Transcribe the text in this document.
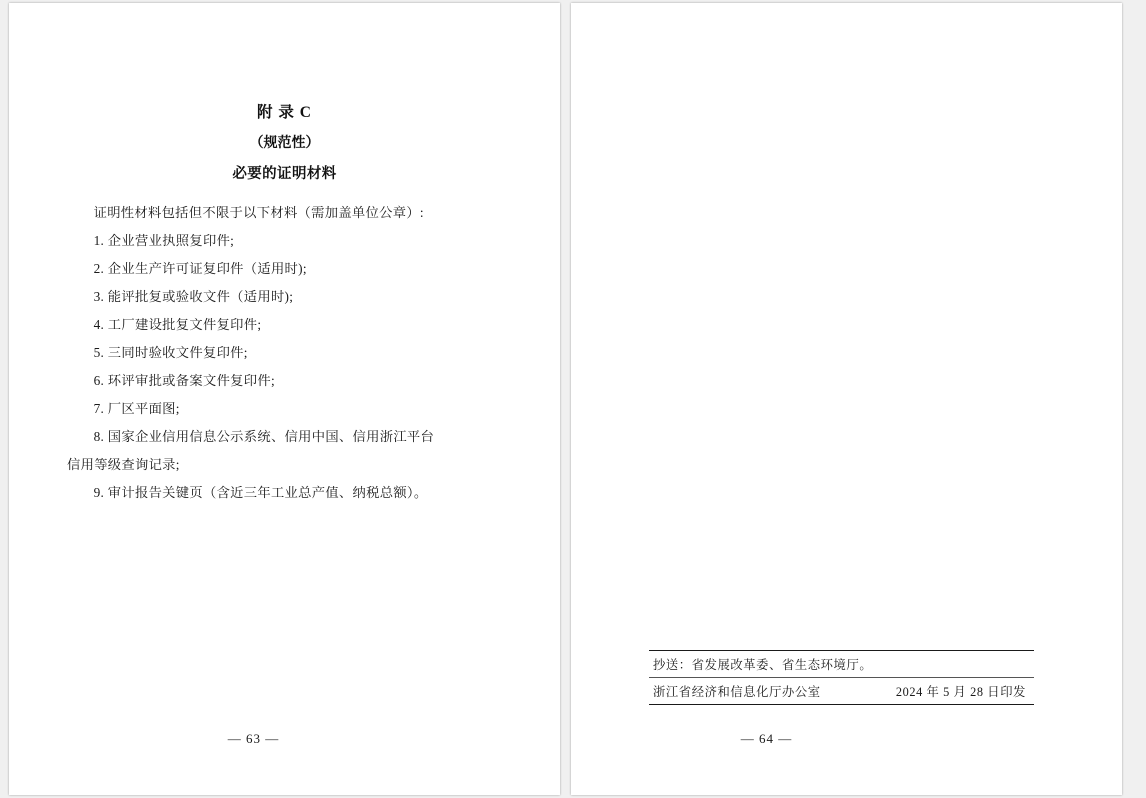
附 录 C
（规范性）
必要的证明材料

证明性材料包括但不限于以下材料（需加盖单位公章）:

1. 企业营业执照复印件;

2. 企业生产许可证复印件（适用时);

3. 能评批复或验收文件（适用时);

4. 工厂建设批复文件复印件;

5. 三同时验收文件复印件;

6. 环评审批或备案文件复印件;

7. 厂区平面图;

8. 国家企业信用信息公示系统、信用中国、信用浙江平台

信用等级查询记录;

9. 审计报告关键页（含近三年工业总产值、纳税总额）。

— 63 —
抄送：省发展改革委、省生态环境厅。
浙江省经济和信息化厅办公室	2024 年 5 月 28 日印发
— 64 —
